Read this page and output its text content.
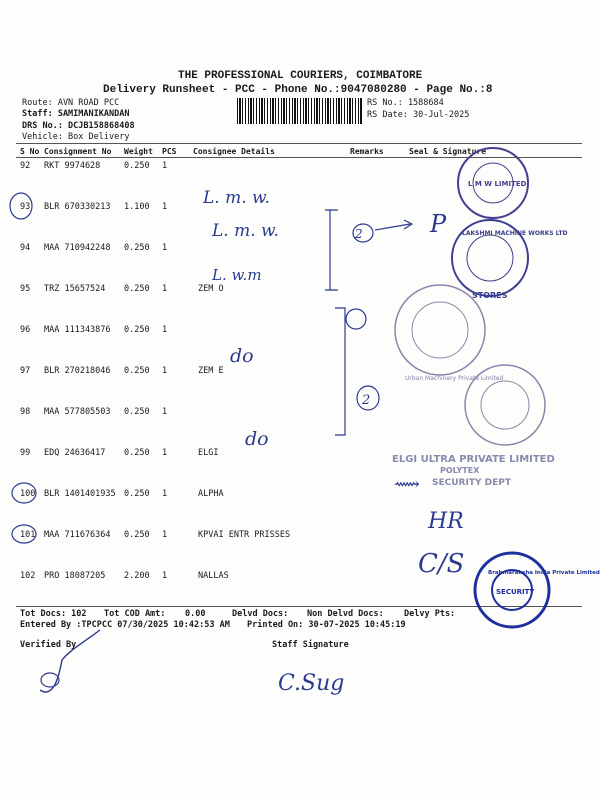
THE PROFESSIONAL COURIERS, COIMBATORE
Delivery Runsheet - PCC - Phone No.:9047080280 - Page No.:8
Route: AVN ROAD PCC
Staff: SAMIMANIKANDAN
DRS No.: DCJB158868408
Vehicle: Box Delivery
RS No.: 1588684
RS Date: 30-Jul-2025
S No Consignment No Weight PCS Consignee Details	Remarks	Seal & Signature
92 RKT 9974628	0.250 1
93 BLR 670330213 1.100 1
94 MAA 710942248 0.250 1
95 TRZ 15657524 0.250 1	ZEM O
96 MAA 111343876 0.250 1
97 BLR 270218046 0.250 1	ZEM E
98 MAA 577805503 0.250 1
99 EDQ 24636417 0.250 1	ELGI
100 BLR 1401401935 0.250 1	ALPHA
101 MAA 711676364 0.250 1	KPVAI ENTR PRISSES
102 PRO 18087205 2.200 1	NALLAS
Tot Docs: 102 Tot COD Amt: 0.00	Delvd Docs: Non Delvd Docs: Delvy Pts:
Entered By :TPCPCC 07/30/2025 10:42:53 AM Printed On: 30-07-2025 10:45:19
Verified By	Staff Signature
L. m. w.
L. m. w.
L. w.m
do
do
2
2
P
HR
C/S
C.Sug
⟿
L M W LIMITED
LAKSHMI MACHINE WORKS LTD
STORES
Urban Machinery Private Limited
ELGI ULTRA PRIVATE LIMITED
POLYTEX
SECURITY DEPT
Brahmaraksha India Private Limited
SECURITY
